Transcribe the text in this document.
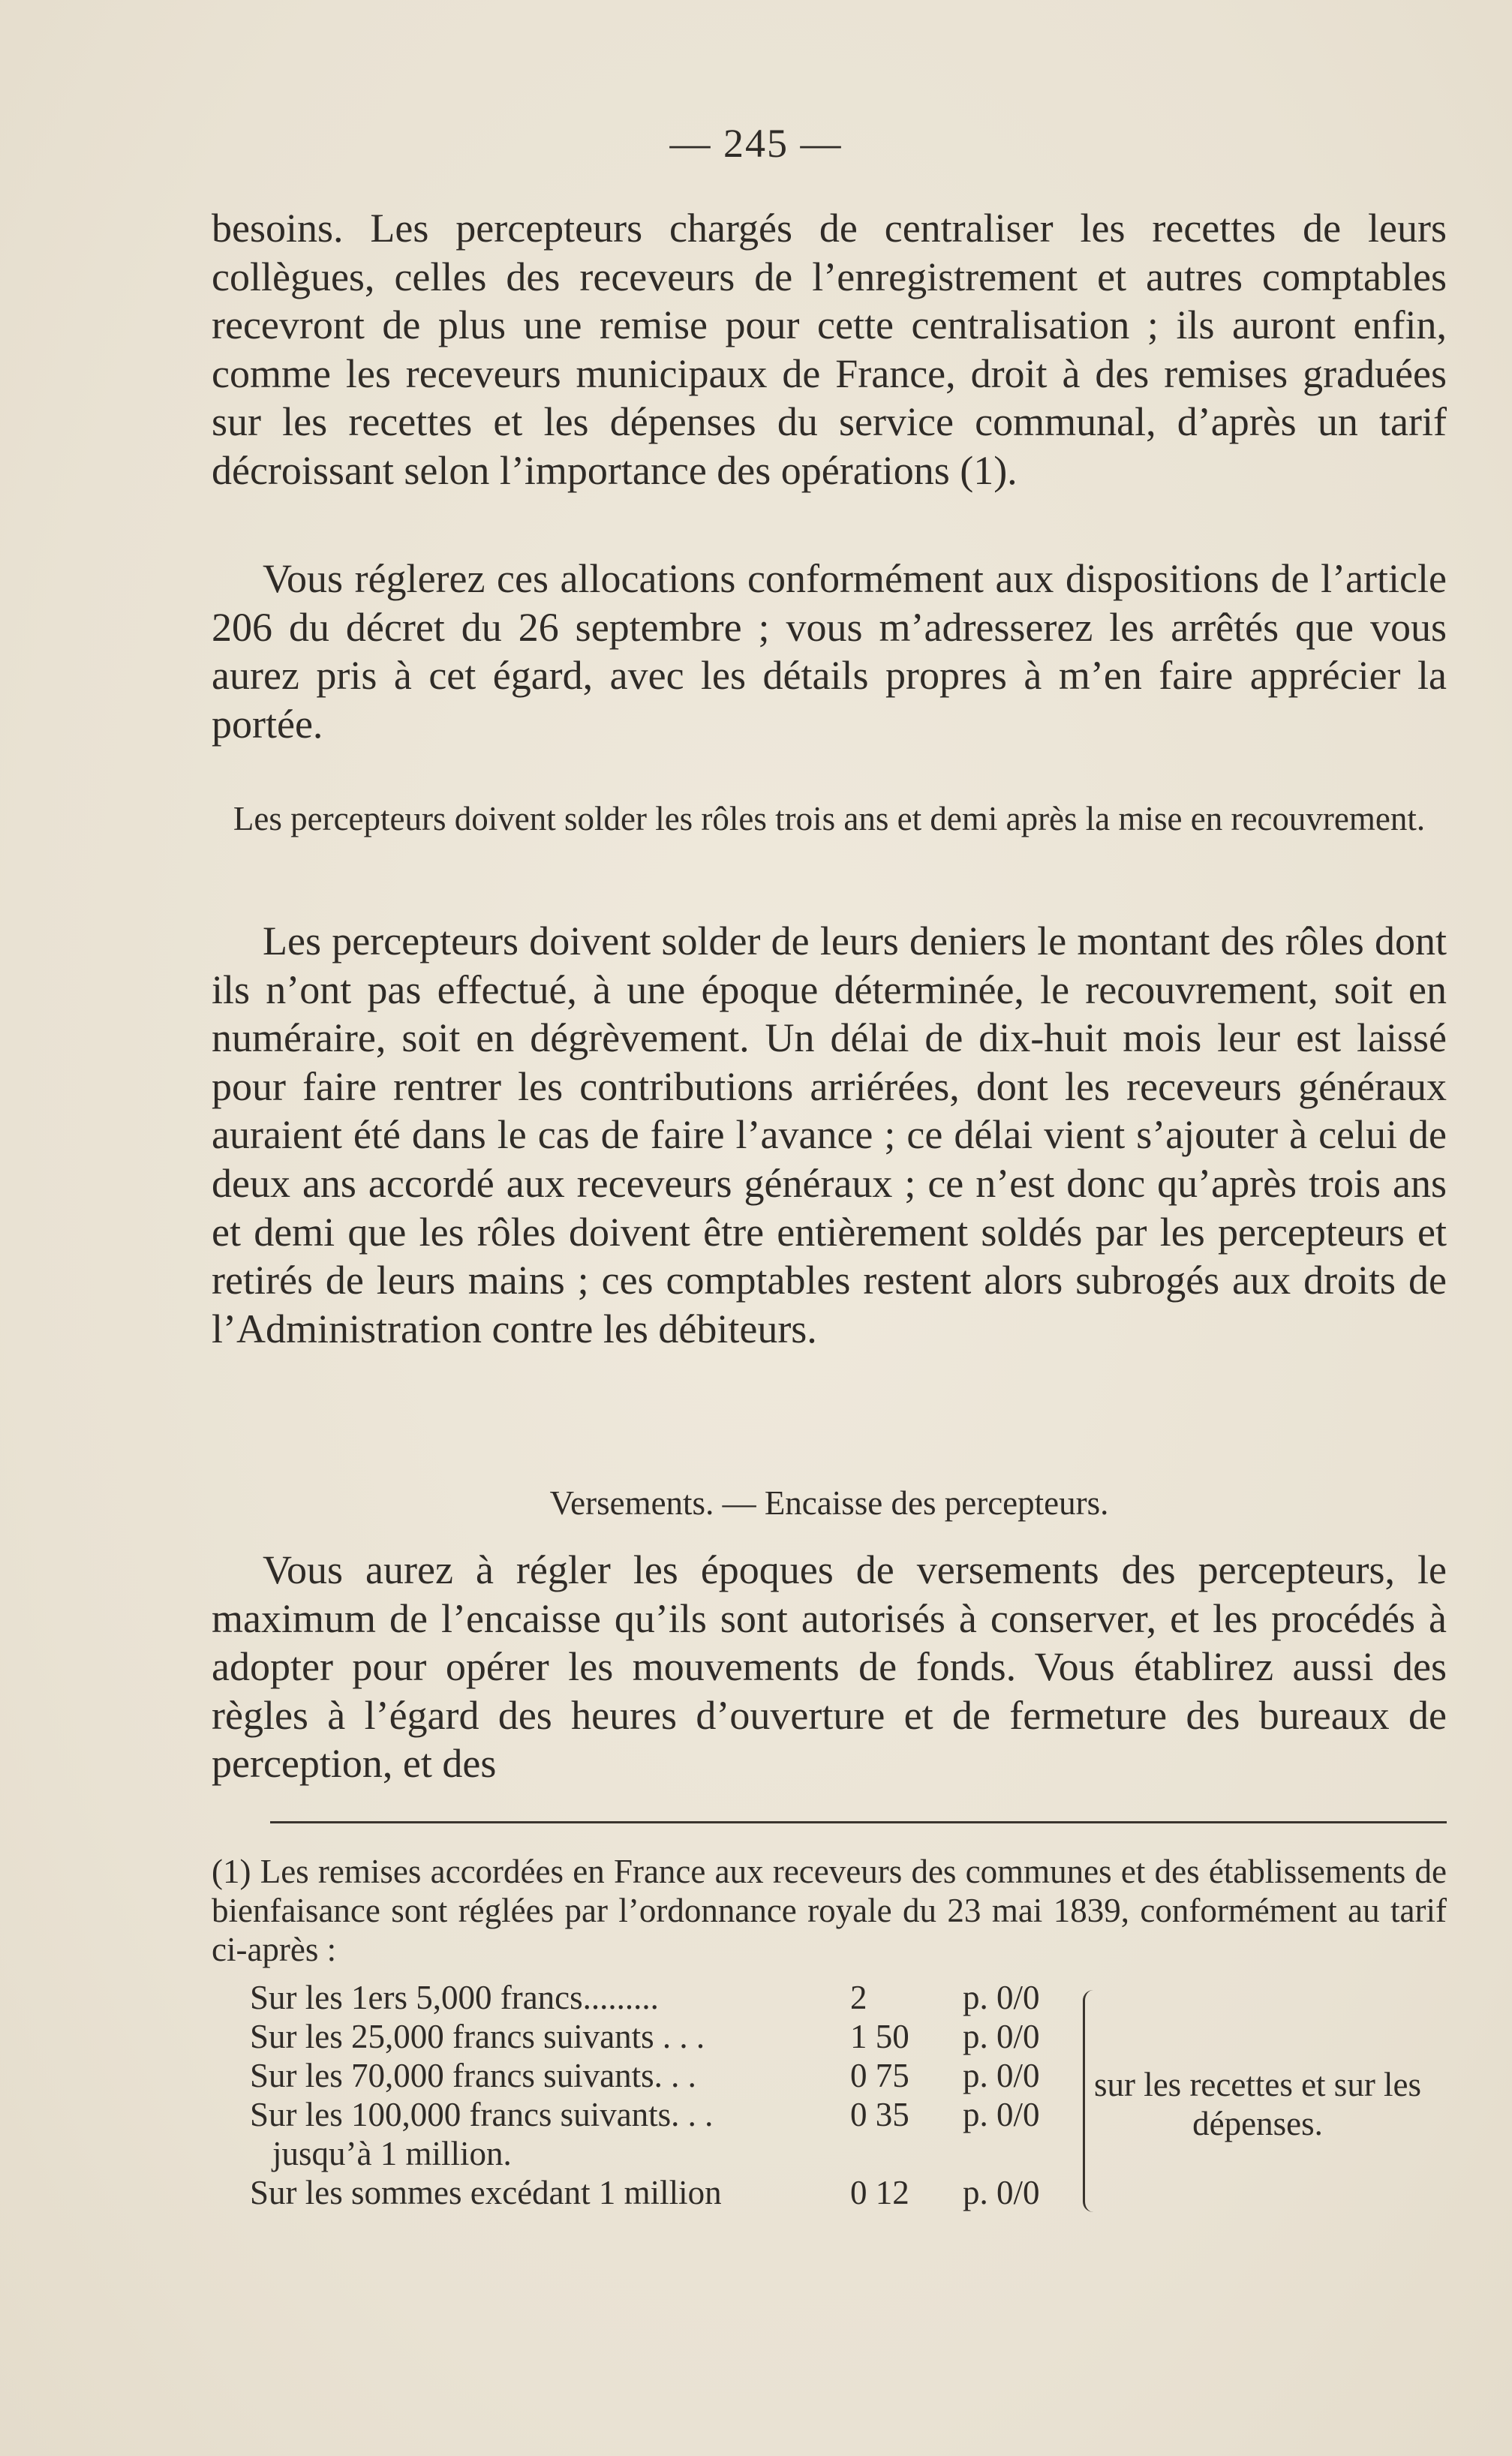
— 245 —

besoins. Les percepteurs chargés de centraliser les recettes de leurs collègues, celles des receveurs de l’enregistrement et autres comptables recevront de plus une remise pour cette centralisation ; ils auront enfin, comme les receveurs municipaux de France, droit à des remises graduées sur les recettes et les dépenses du service communal, d’après un tarif décroissant selon l’importance des opérations (1).

Vous réglerez ces allocations conformément aux dispositions de l’article 206 du décret du 26 septembre ; vous m’adresserez les arrêtés que vous aurez pris à cet égard, avec les détails propres à m’en faire apprécier la portée.

Les percepteurs doivent solder les rôles trois ans et demi après la mise en recouvrement.

Les percepteurs doivent solder de leurs deniers le montant des rôles dont ils n’ont pas effectué, à une époque déterminée, le recouvrement, soit en numéraire, soit en dégrèvement. Un délai de dix-huit mois leur est laissé pour faire rentrer les contributions arriérées, dont les receveurs généraux auraient été dans le cas de faire l’avance ; ce délai vient s’ajouter à celui de deux ans accordé aux receveurs généraux ; ce n’est donc qu’après trois ans et demi que les rôles doivent être entièrement soldés par les percepteurs et retirés de leurs mains ; ces comptables restent alors subrogés aux droits de l’Administration contre les débiteurs.

Versements. — Encaisse des percepteurs.

Vous aurez à régler les époques de versements des percepteurs, le maximum de l’encaisse qu’ils sont autorisés à conserver, et les procédés à adopter pour opérer les mouvements de fonds. Vous établirez aussi des règles à l’égard des heures d’ouverture et de fermeture des bureaux de perception, et des

(1) Les remises accordées en France aux receveurs des communes et des établissements de bienfaisance sont réglées par l’ordonnance royale du 23 mai 1839, conformément au tarif ci-après :

Sur les 1ers 5,000 francs.........	2	p. 0/0
Sur les 25,000 francs suivants . . .	1 50	p. 0/0
Sur les 70,000 francs suivants. . .	0 75	p. 0/0
Sur les 100,000 francs suivants. . .	0 35	p. 0/0
jusqu’à 1 million.
Sur les sommes excédant 1 million	0 12	p. 0/0
sur les recettes et sur les dépenses.
